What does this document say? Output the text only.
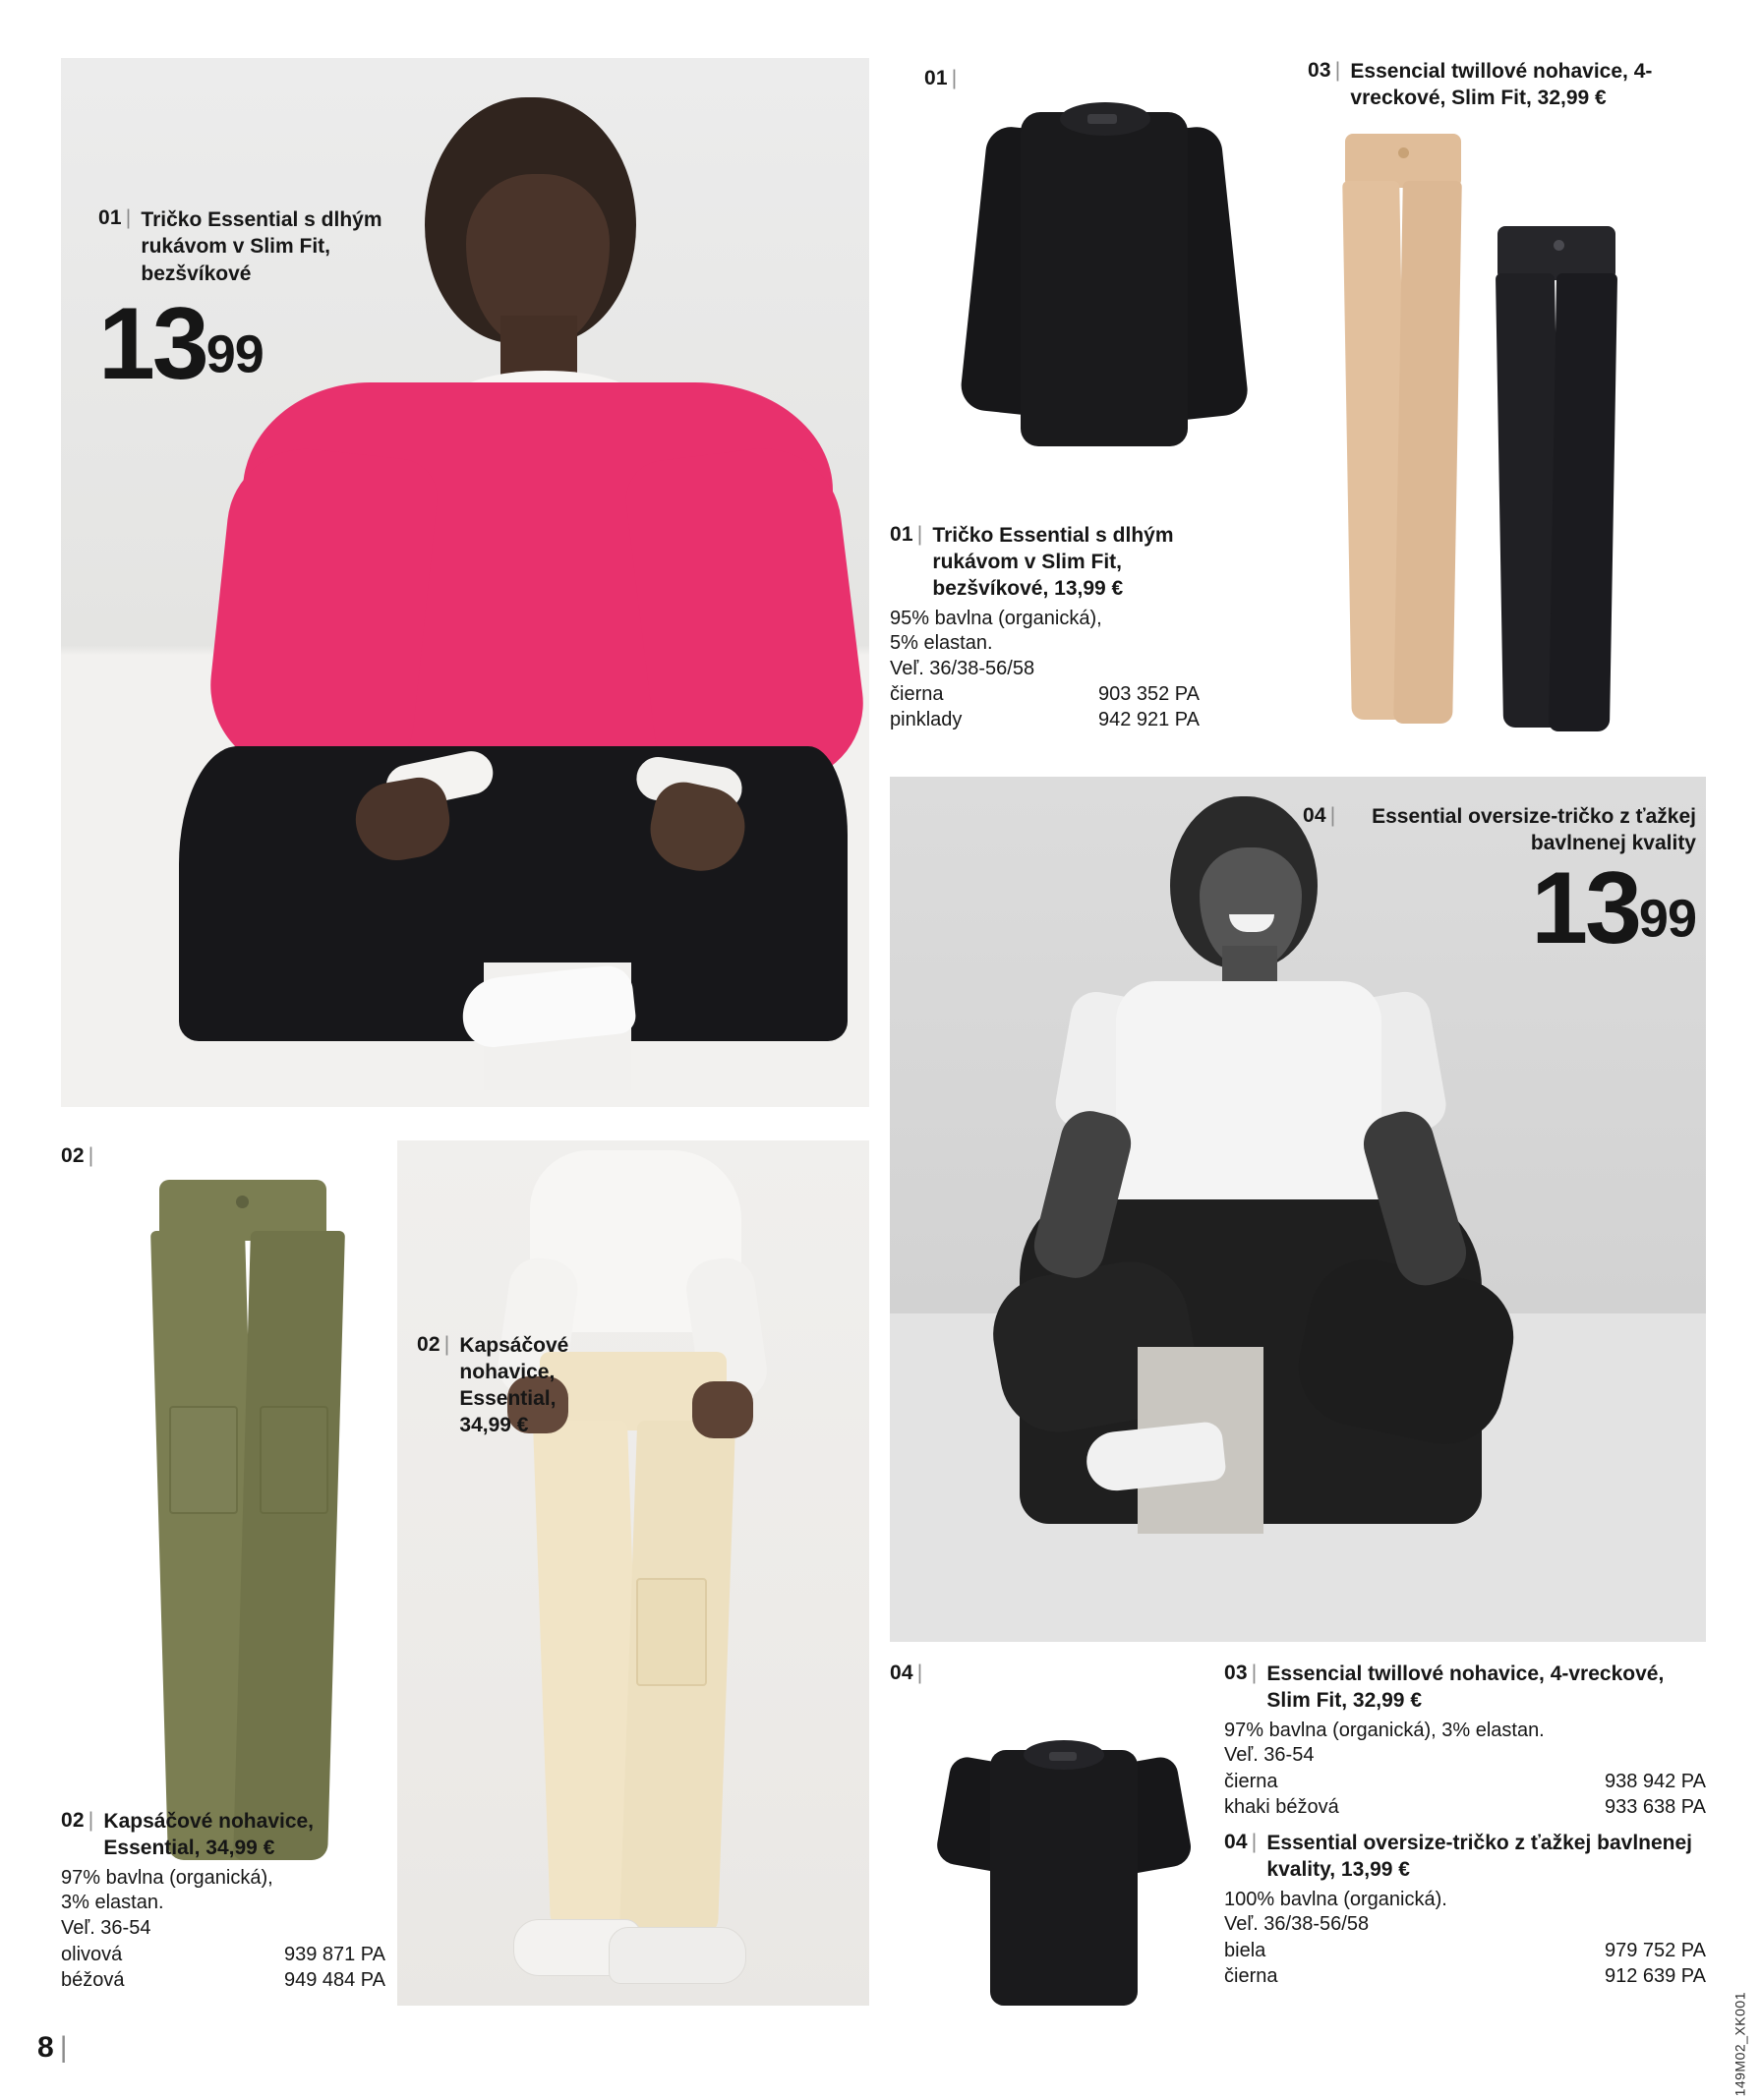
01 | Tričko Essential s dlhým rukávom v Slim Fit, bezšvíkové
1399
02 |
02 | Kapsáčové nohavice, Essential, 34,99 €
02 | Kapsáčové nohavice, Essential, 34,99 €
97% bavlna (organická),
3% elastan.
Veľ. 36-54
olivová	939 871 PA
béžová	949 484 PA
01 |
01 | Tričko Essential s dlhým rukávom v Slim Fit, bezšvíkové, 13,99 €
95% bavlna (organická),
5% elastan.
Veľ. 36/38-56/58
čierna	903 352 PA
pinklady	942 921 PA
03 | Essencial twillové nohavice, 4-vreckové, Slim Fit, 32,99 €
04 |	Essential oversize-tričko z ťažkej bavlnenej kvality
1399
04 |	03 | Essencial twillové nohavice, 4-vreckové, Slim Fit, 32,99 €
97% bavlna (organická), 3% elastan.
Veľ. 36-54
čierna	938 942 PA
khaki béžová	933 638 PA
04 | Essential oversize-tričko z ťažkej bavlnenej kvality, 13,99 €
100% bavlna (organická).
Veľ. 36/38-56/58
biela	979 752 PA
čierna	912 639 PA
8 |	149M02_XK001
